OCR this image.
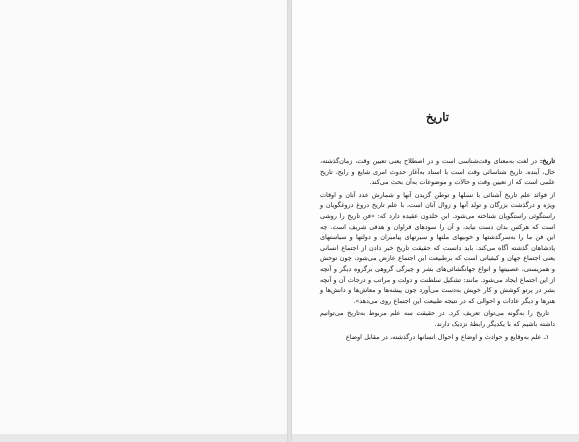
تاریخ

تاریخ: در لغت به‌معنای وقت‌شناسی است و در اصطلاح یعنی تعیین وقت، زمان‌گذشته، حال، آینده. تاریخ شناسائی وقت است با اسناد به‌آغاز حدوث امری شایع و رایج، تاریخ علمی است که از تعیین وقت و حالات و موضوعات به‌آن بحث می‌کند.

از فوائد علم تاریخ آشنائی با نسلها و توطن گزیدن آنها و شمارش عدد آنان و اوقات ویژه و درگذشت بزرگان و تولد آنها و زوال آنان است، با علم تاریخ دروغ دروغگویان و راستگوئی راستگویان شناخته می‌شود. ابن خلدون عقیده دارد که: «فن تاریخ را روشی است که هرکس بدان دست نیابد، و آن را سودهای فراوان و هدفی شریف است. چه این فن ما را به‌سرگذشتها و خوبیهای ملتها و سیرتهای پیامبران و دولتها و سیاستهای پادشاهان گذشته آگاه می‌کند. باید دانست که حقیقت تاریخ خبر دادن از اجتماع انسانی یعنی اجتماع جهان و کیفیاتی است که برطبیعت این اجتماع عارض می‌شود، چون توحش و همزیستی، عصبیتها و انواع جهانگشائی‌های بشر و چیرگی گروهی برگروه دیگر و آنچه از این اجتماع ایجاد می‌شود. مانند: تشکیل سلطنت و دولت و مراتب و درجات آن و آنچه بشر در پرتو کوشش و کار خویش به‌دست می‌آورد چون پیشه‌ها و معاش‌ها و دانش‌ها و هنرها و دیگر عادات و احوالی که در نتیجه طبیعت این اجتماع روی می‌دهد».

تاریخ را به‌گونه می‌توان تعریف کرد. در حقیقت سه علم مربوط به‌تاریخ می‌توانیم داشته باشیم که با یکدیگر رابطهٔ نزدیک دارند.

۱ـ علم به‌وقایع و حوادث و اوضاع و احوال انسانها در‌گذشته، در مقابل اوضاع
